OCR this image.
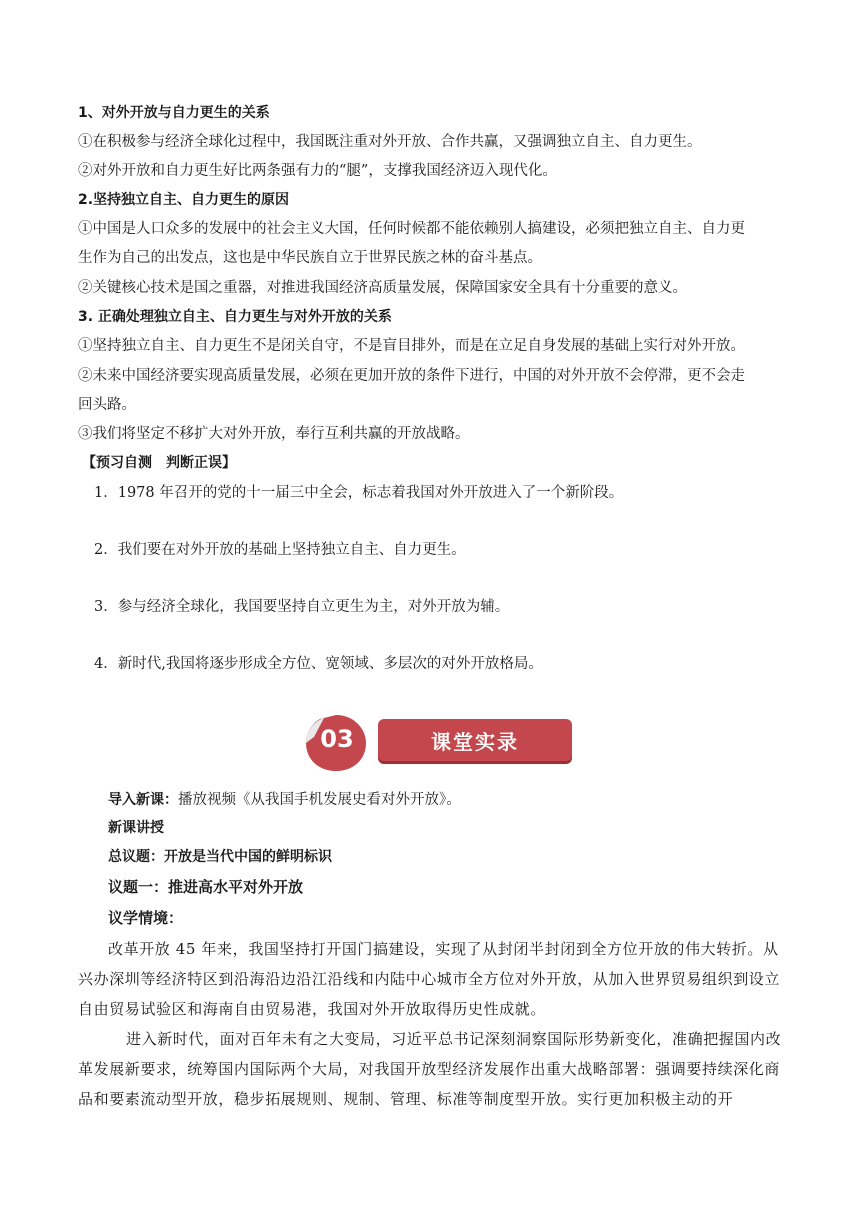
1、对外开放与自力更生的关系
①在积极参与经济全球化过程中，我国既注重对外开放、合作共赢，又强调独立自主、自力更生。
②对外开放和自力更生好比两条强有力的“腿”，支撑我国经济迈入现代化。
2.坚持独立自主、自力更生的原因
①中国是人口众多的发展中的社会主义大国，任何时候都不能依赖别人搞建设，必须把独立自主、自力更
生作为自己的出发点，这也是中华民族自立于世界民族之林的奋斗基点。
②关键核心技术是国之重器，对推进我国经济高质量发展，保障国家安全具有十分重要的意义。
3. 正确处理独立自主、自力更生与对外开放的关系
①坚持独立自主、自力更生不是闭关自守，不是盲目排外，而是在立足自身发展的基础上实行对外开放。
②未来中国经济要实现高质量发展，必须在更加开放的条件下进行，中国的对外开放不会停滞，更不会走
回头路。
③我们将坚定不移扩大对外开放，奉行互利共赢的开放战略。
【预习自测　判断正误】
1．1978 年召开的党的十一届三中全会，标志着我国对外开放进入了一个新阶段。
2．我们要在对外开放的基础上坚持独立自主、自力更生。
3．参与经济全球化，我国要坚持自立更生为主，对外开放为辅。
4．新时代,我国将逐步形成全方位、宽领域、多层次的对外开放格局。
课堂实录
03
导入新课：播放视频《从我国手机发展史看对外开放》。
新课讲授
总议题：开放是当代中国的鲜明标识
议题一：推进高水平对外开放
议学情境：
改革开放 45 年来，我国坚持打开国门搞建设，实现了从封闭半封闭到全方位开放的伟大转折。从兴办深圳等经济特区到沿海沿边沿江沿线和内陆中心城市全方位对外开放，从加入世界贸易组织到设立自由贸易试验区和海南自由贸易港，我国对外开放取得历史性成就。
进入新时代，面对百年未有之大变局，习近平总书记深刻洞察国际形势新变化，准确把握国内改革发展新要求，统筹国内国际两个大局，对我国开放型经济发展作出重大战略部署：强调要持续深化商品和要素流动型开放，稳步拓展规则、规制、管理、标准等制度型开放。实行更加积极主动的开
